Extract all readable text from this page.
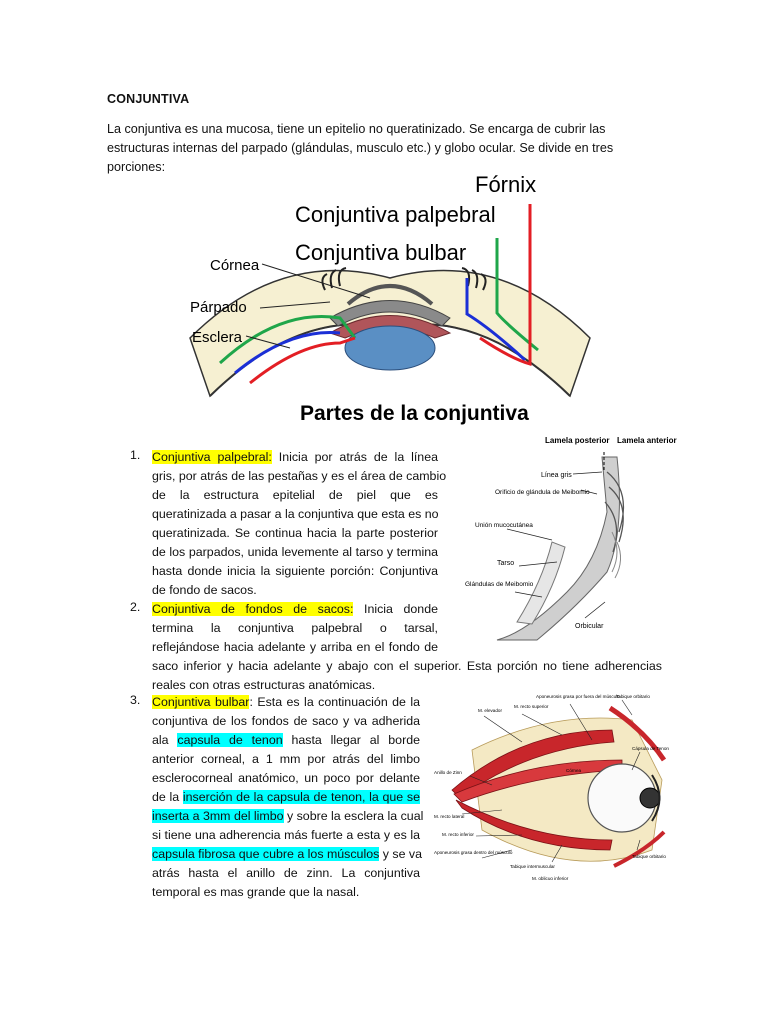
CONJUNTIVA
La conjuntiva es una mucosa, tiene un epitelio no queratinizado. Se encarga de cubrir las estructuras internas del parpado (glándulas, musculo etc.) y globo ocular. Se divide en tres porciones:
Fórnix
Conjuntiva palpebral
Conjuntiva bulbar
Córnea
Párpado
Esclera
Partes de la conjuntiva
Lamela posterior Lamela anterior
Línea gris
Orificio de glándula de Meibomio
Unión mucocutánea
Tarso
Glándulas de Meibomio
Orbicular
Aponeurosis grasa por fuera del músculo
M. elevador
M. recto superior
Tabique orbitario
Cápsula de Tenon
Córnea
Anillo de Zinn
M. recto lateral
M. recto inferior
Aponeurosis grasa dentro del músculo
Tabique intermuscular
M. oblicuo inferior
Tabique orbitario
1. Conjuntiva palpebral: Inicia por atrás de la línea
gris, por atrás de las pestañas y es el área de cambio
de la estructura epitelial de piel que es
queratinizada a pasar a la conjuntiva que esta es no
queratinizada. Se continua hacia la parte posterior
de los parpados, unida levemente al tarso y termina
hasta donde inicia la siguiente porción: Conjuntiva
de fondo de sacos.
2. Conjuntiva de fondos de sacos: Inicia donde
termina la conjuntiva palpebral o tarsal,
reflejándose hacia adelante y arriba en el fondo de
saco inferior y hacia adelante y abajo con el superior. Esta porción no tiene adherencias
reales con otras estructuras anatómicas.
3. Conjuntiva bulbar: Esta es la continuación de la
conjuntiva de los fondos de saco y va adherida
ala capsula de tenon hasta llegar al borde
anterior corneal, a 1 mm por atrás del limbo
esclerocorneal anatómico, un poco por delante
de la inserción de la capsula de tenon, la que se
inserta a 3mm del limbo y sobre la esclera la cual
si tiene una adherencia más fuerte a esta y es la
capsula fibrosa que cubre a los músculos y se va
atrás hasta el anillo de zinn. La conjuntiva
temporal es mas grande que la nasal.
